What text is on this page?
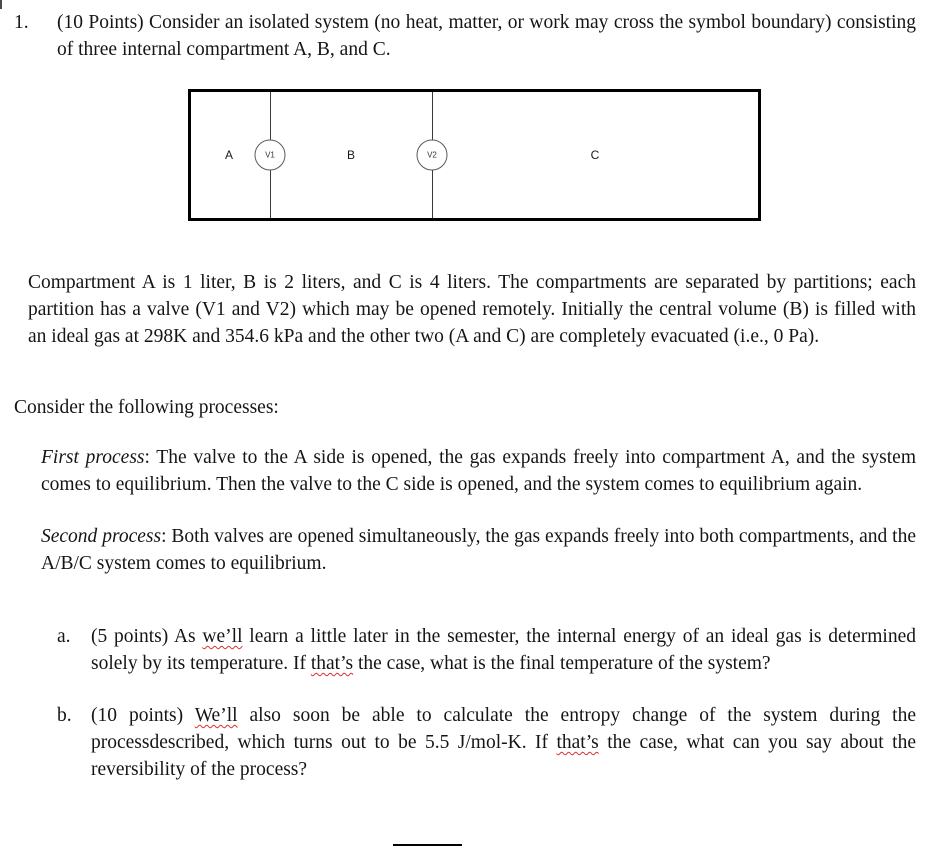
1.	(10 Points) Consider an isolated system (no heat, matter, or work may cross the symbol boundary) consisting of three internal compartment A, B, and C.
A	V1	B	V2	C

Compartment A is 1 liter, B is 2 liters, and C is 4 liters. The compartments are separated by partitions; each partition has a valve (V1 and V2) which may be opened remotely. Initially the central volume (B) is filled with an ideal gas at 298K and 354.6 kPa and the other two (A and C) are completely evacuated (i.e., 0 Pa).

Consider the following processes:

First process: The valve to the A side is opened, the gas expands freely into compartment A, and the system comes to equilibrium. Then the valve to the C side is opened, and the system comes to equilibrium again.

Second process: Both valves are opened simultaneously, the gas expands freely into both compartments, and the A/B/C system comes to equilibrium.

a.	(5 points) As we’ll learn a little later in the semester, the internal energy of an ideal gas is determined solely by its temperature. If that’s the case, what is the final temperature of the system?
b. (10 points) We’ll also soon be able to calculate the entropy change of the system during the processdescribed, which turns out to be 5.5 J/mol-K. If that’s the case, what can you say about the reversibility of the process?
